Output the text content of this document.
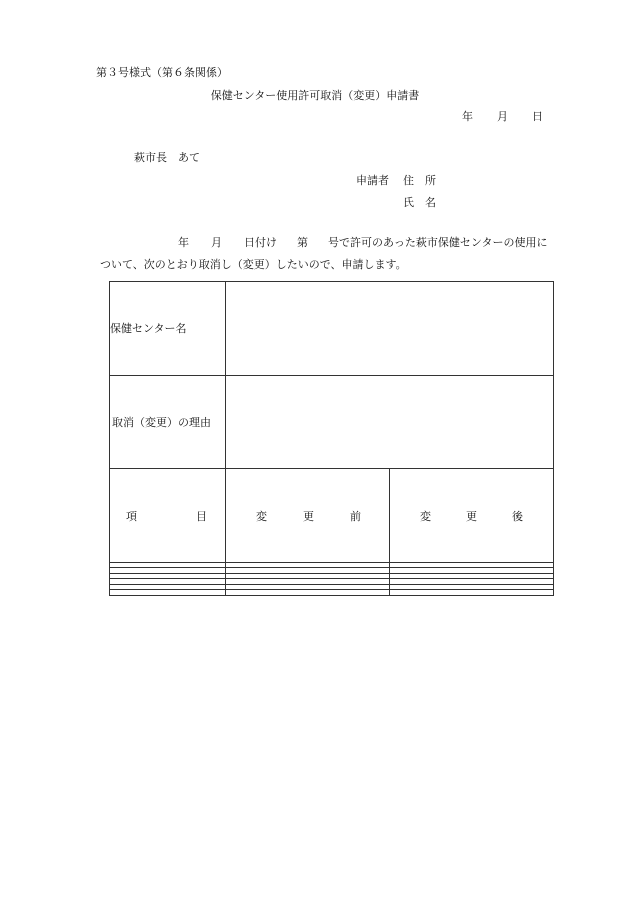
第３号様式（第６条関係）
保健センター使用許可取消（変更）申請書
年 月 日
萩市長　あて
申請者 住　所
氏　名
年 月 日付け 第 号で許可のあった萩市保健センターの使用に
ついて、次のとおり取消し（変更）したいので、申請します。
保健センター名		
取消（変更）の理由		

項 目	変 更 前	変 更 後
